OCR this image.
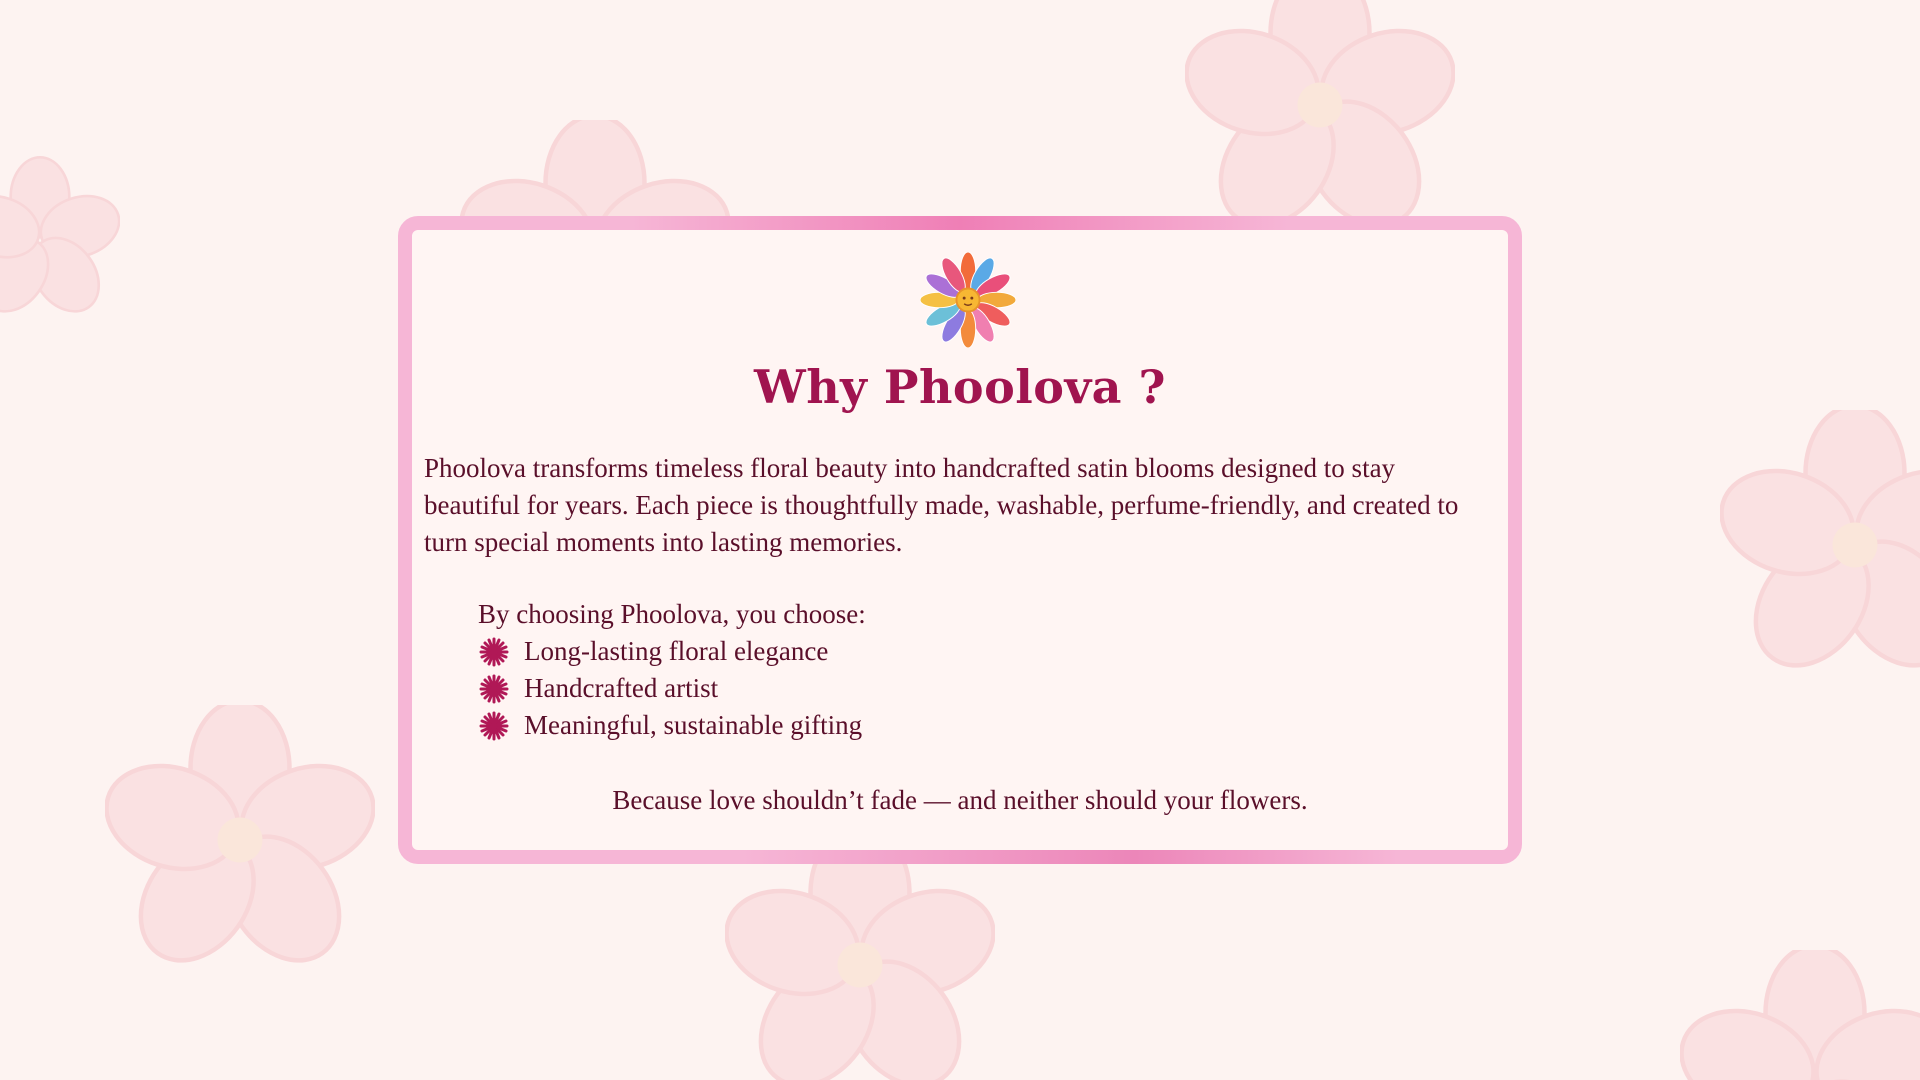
Why Phoolova ?

Phoolova transforms timeless floral beauty into handcrafted satin blooms designed to stay beautiful for years. Each piece is thoughtfully made, washable, perfume-friendly, and created to turn special moments into lasting memories.

By choosing Phoolova, you choose:

Long-lasting floral elegance
Handcrafted artist
Meaningful, sustainable gifting

Because love shouldn’t fade — and neither should your flowers.
